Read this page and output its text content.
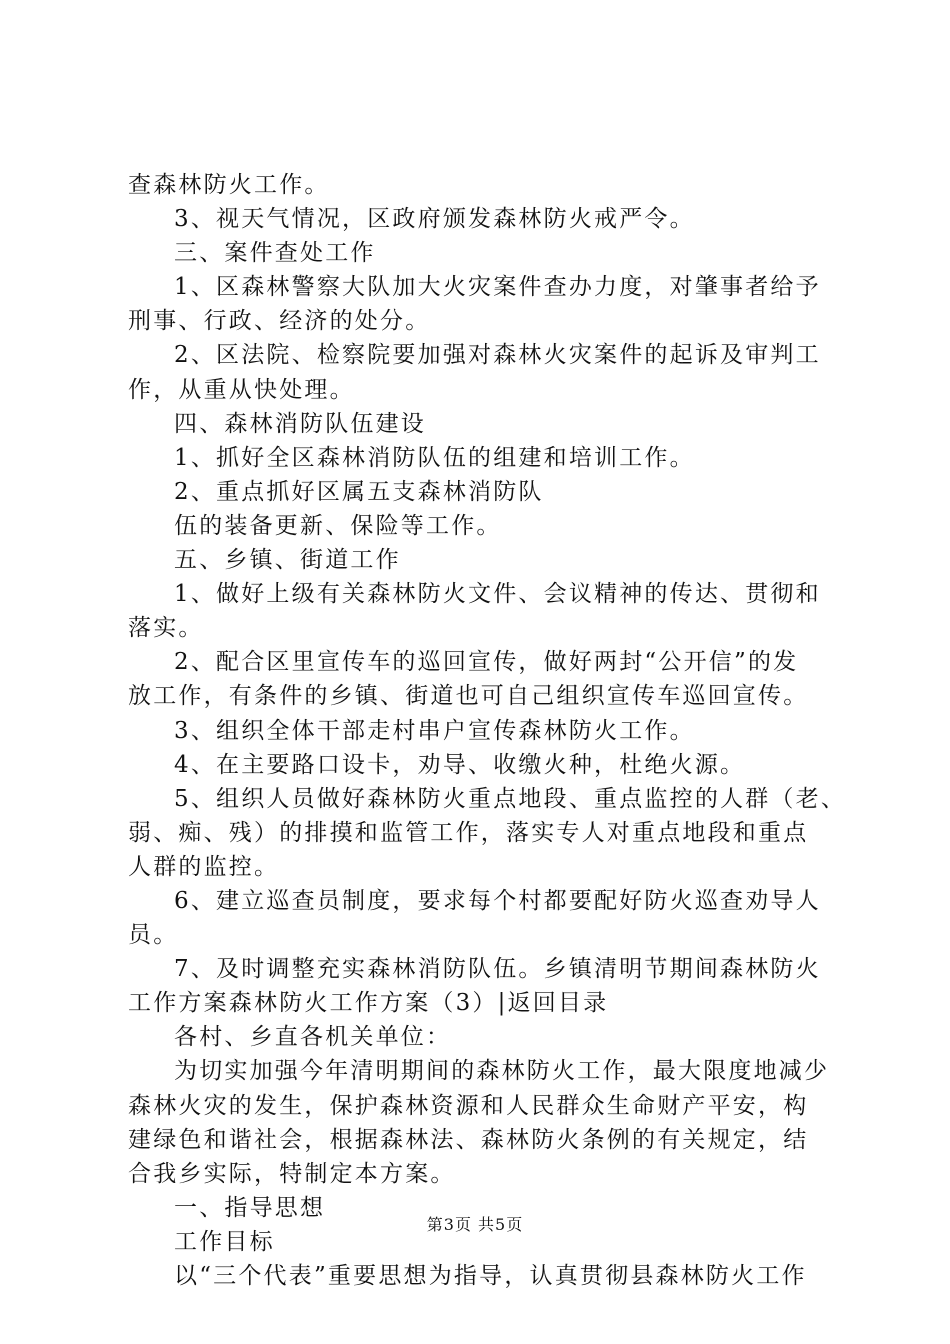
查森林防火工作。
3、视天气情况，区政府颁发森林防火戒严令。
三、案件查处工作
1、区森林警察大队加大火灾案件查办力度，对肇事者给予
刑事、行政、经济的处分。
2、区法院、检察院要加强对森林火灾案件的起诉及审判工
作，从重从快处理。
四、森林消防队伍建设
1、抓好全区森林消防队伍的组建和培训工作。
2、重点抓好区属五支森林消防队
伍的装备更新、保险等工作。
五、乡镇、街道工作
1、做好上级有关森林防火文件、会议精神的传达、贯彻和
落实。
2、配合区里宣传车的巡回宣传，做好两封“公开信”的发
放工作，有条件的乡镇、街道也可自己组织宣传车巡回宣传。
3、组织全体干部走村串户宣传森林防火工作。
4、在主要路口设卡，劝导、收缴火种，杜绝火源。
5、组织人员做好森林防火重点地段、重点监控的人群（老、
弱、痴、残）的排摸和监管工作，落实专人对重点地段和重点
人群的监控。
6、建立巡查员制度，要求每个村都要配好防火巡查劝导人
员。
7、及时调整充实森林消防队伍。乡镇清明节期间森林防火
工作方案森林防火工作方案（3）|返回目录
各村、乡直各机关单位：
为切实加强今年清明期间的森林防火工作，最大限度地减少
森林火灾的发生，保护森林资源和人民群众生命财产平安，构
建绿色和谐社会，根据森林法、森林防火条例的有关规定，结
合我乡实际，特制定本方案。
一、指导思想
工作目标
以“三个代表”重要思想为指导，认真贯彻县森林防火工作
第3页 共5页
